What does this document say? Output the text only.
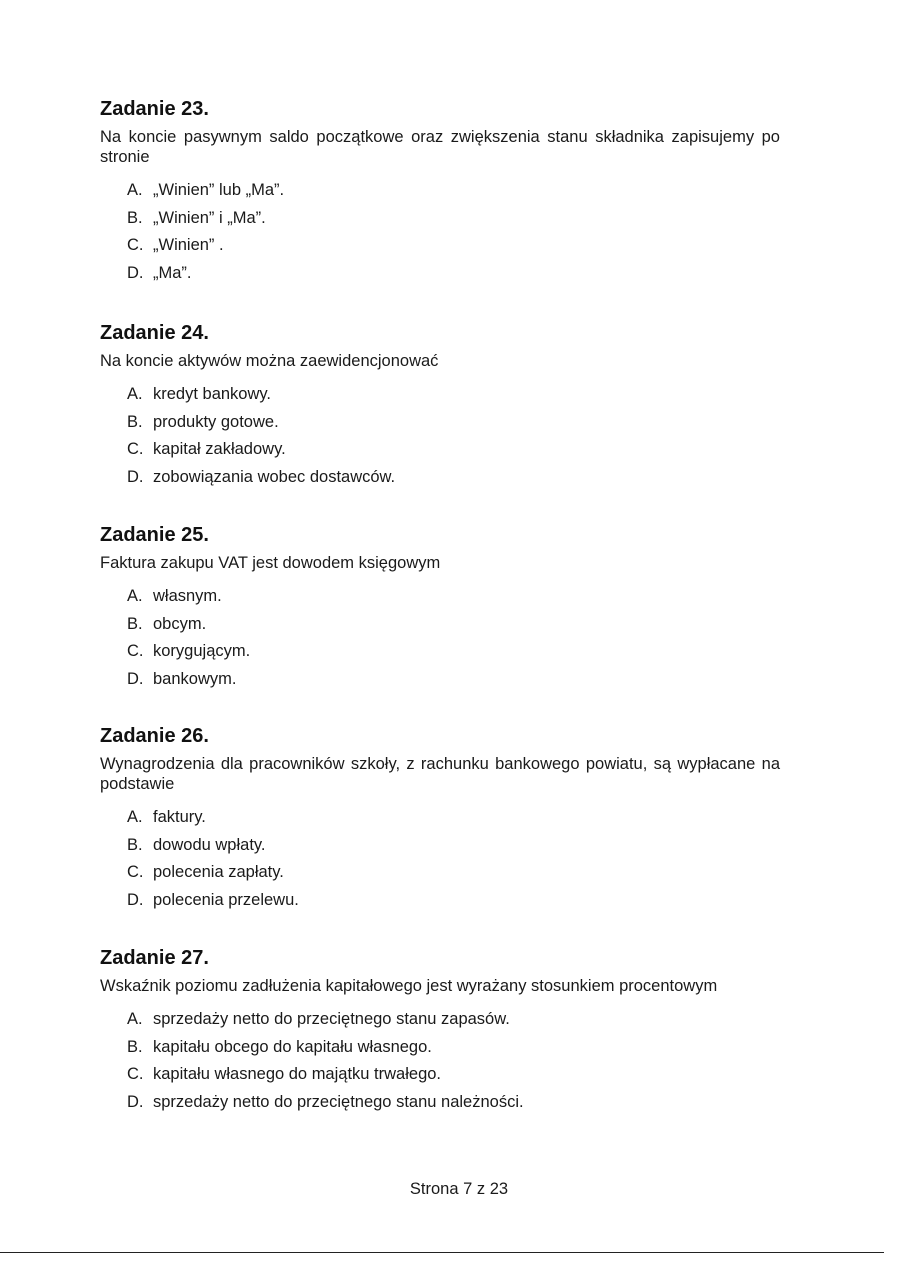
Zadanie 23.

Na koncie pasywnym saldo początkowe oraz zwiększenia stanu składnika zapisujemy po stronie

A. „Winien” lub „Ma”.
B. „Winien” i „Ma”.
C. „Winien” .
D. „Ma”.
Zadanie 24.

Na koncie aktywów można zaewidencjonować

A. kredyt bankowy.
B. produkty gotowe.
C. kapitał zakładowy.
D. zobowiązania wobec dostawców.
Zadanie 25.

Faktura zakupu VAT jest dowodem księgowym

A. własnym.
B. obcym.
C. korygującym.
D. bankowym.
Zadanie 26.

Wynagrodzenia dla pracowników szkoły, z rachunku bankowego powiatu, są wypłacane na podstawie

A. faktury.
B. dowodu wpłaty.
C. polecenia zapłaty.
D. polecenia przelewu.
Zadanie 27.

Wskaźnik poziomu zadłużenia kapitałowego jest wyrażany stosunkiem procentowym

A. sprzedaży netto do przeciętnego stanu zapasów.
B. kapitału obcego do kapitału własnego.
C. kapitału własnego do majątku trwałego.
D. sprzedaży netto do przeciętnego stanu należności.
Strona 7 z 23
